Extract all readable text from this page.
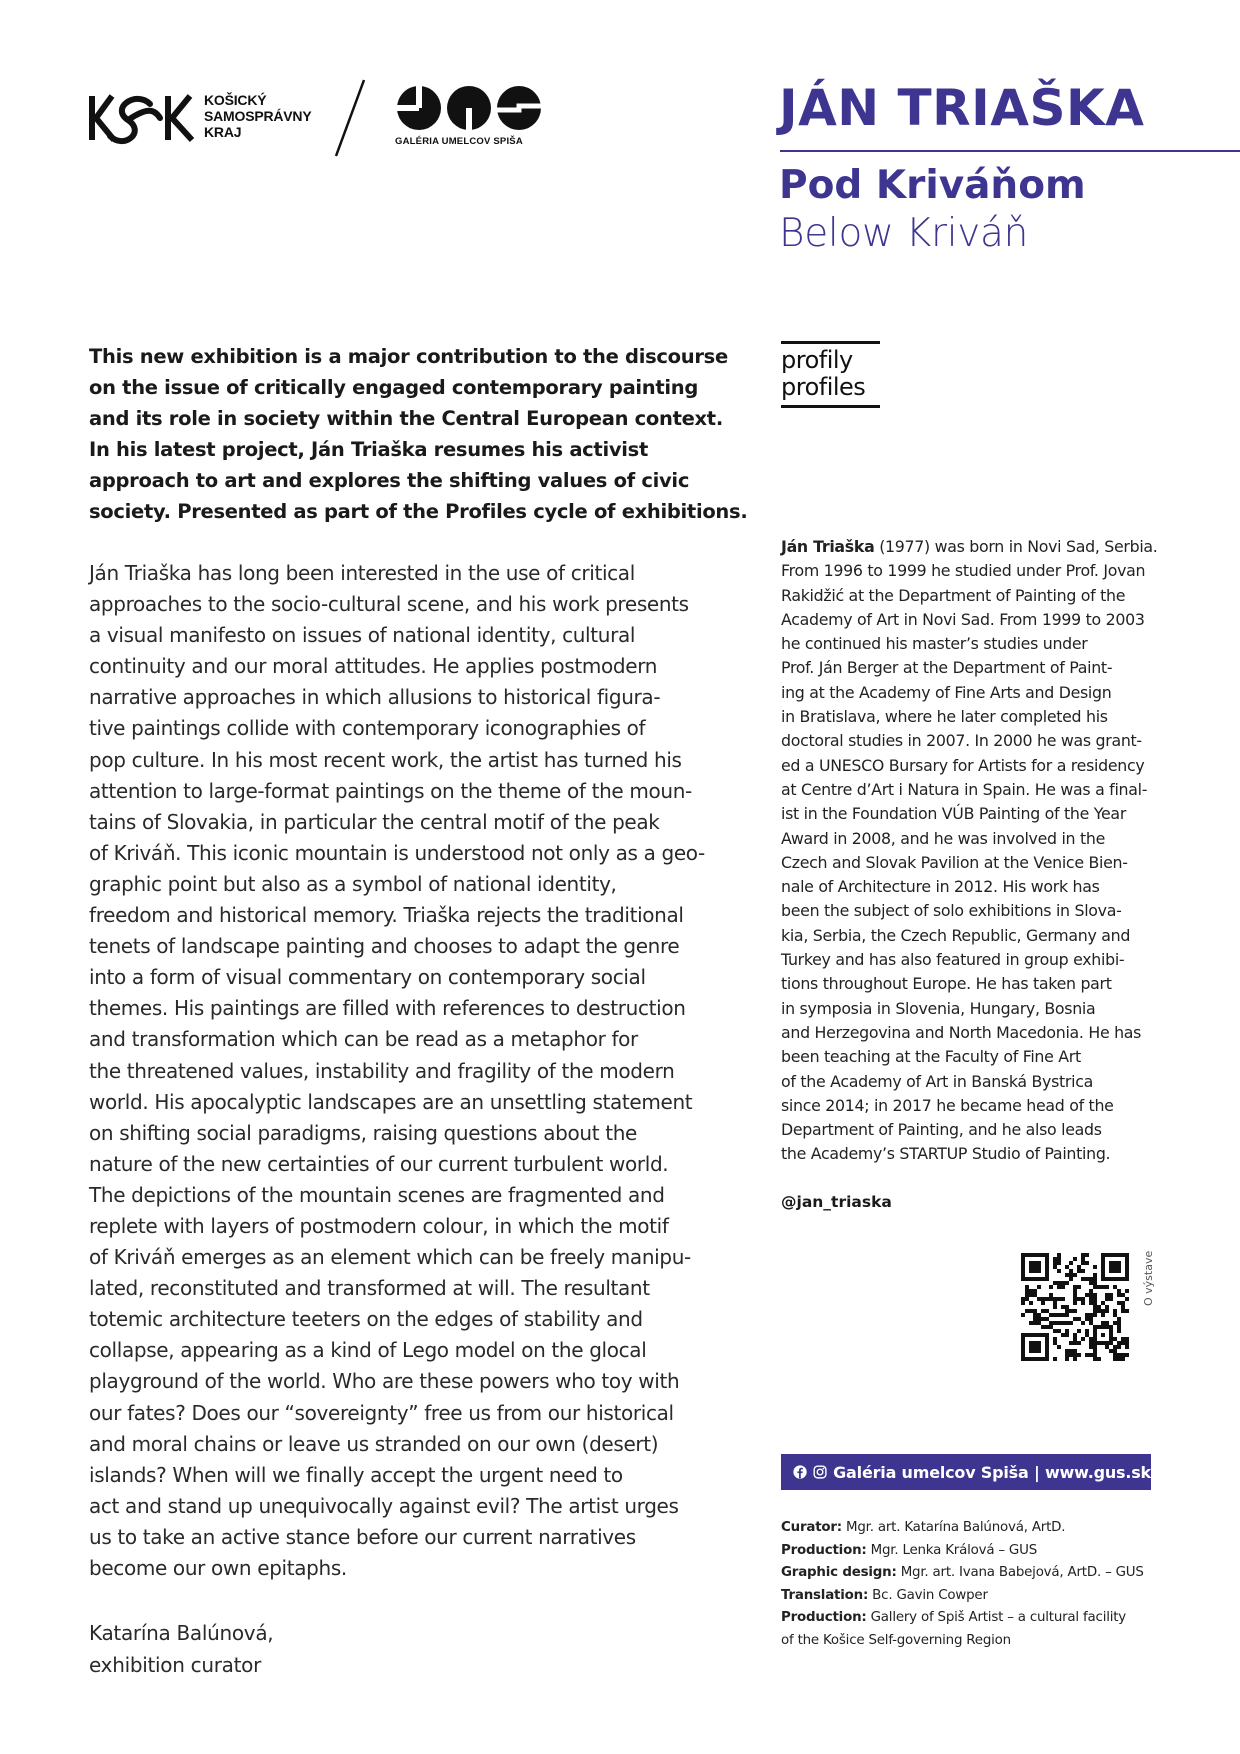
KOŠICKÝ
SAMOSPRÁVNY
KRAJ
GALÉRIA UMELCOV SPIŠA
JÁN TRIAŠKA
Pod Kriváňom
Below Kriváň
profily
profiles
This new exhibition is a major contribution to the discourse
on the issue of critically engaged contemporary painting
and its role in society within the Central European context.
In his latest project, Ján Triaška resumes his activist
approach to art and explores the shifting values of civic
society. Presented as part of the Profiles cycle of exhibitions.
Ján Triaška has long been interested in the use of critical
approaches to the socio-cultural scene, and his work presents
a visual manifesto on issues of national identity, cultural
continuity and our moral attitudes. He applies postmodern
narrative approaches in which allusions to historical figura-
tive paintings collide with contemporary iconographies of
pop culture. In his most recent work, the artist has turned his
attention to large-format paintings on the theme of the moun-
tains of Slovakia, in particular the central motif of the peak
of Kriváň. This iconic mountain is understood not only as a geo-
graphic point but also as a symbol of national identity,
freedom and historical memory. Triaška rejects the traditional
tenets of landscape painting and chooses to adapt the genre
into a form of visual commentary on contemporary social
themes. His paintings are filled with references to destruction
and transformation which can be read as a metaphor for
the threatened values, instability and fragility of the modern
world. His apocalyptic landscapes are an unsettling statement
on shifting social paradigms, raising questions about the
nature of the new certainties of our current turbulent world.
The depictions of the mountain scenes are fragmented and
replete with layers of postmodern colour, in which the motif
of Kriváň emerges as an element which can be freely manipu-
lated, reconstituted and transformed at will. The resultant
totemic architecture teeters on the edges of stability and
collapse, appearing as a kind of Lego model on the glocal
playground of the world. Who are these powers who toy with
our fates? Does our “sovereignty” free us from our historical
and moral chains or leave us stranded on our own (desert)
islands? When will we finally accept the urgent need to
act and stand up unequivocally against evil? The artist urges
us to take an active stance before our current narratives
become our own epitaphs.
Katarína Balúnová,
exhibition curator
Ján Triaška (1977) was born in Novi Sad, Serbia.
From 1996 to 1999 he studied under Prof. Jovan
Rakidžić at the Department of Painting of the
Academy of Art in Novi Sad. From 1999 to 2003
he continued his master’s studies under
Prof. Ján Berger at the Department of Paint-
ing at the Academy of Fine Arts and Design
in Bratislava, where he later completed his
doctoral studies in 2007. In 2000 he was grant-
ed a UNESCO Bursary for Artists for a residency
at Centre d’Art i Natura in Spain. He was a final-
ist in the Foundation VÚB Painting of the Year
Award in 2008, and he was involved in the
Czech and Slovak Pavilion at the Venice Bien-
nale of Architecture in 2012. His work has
been the subject of solo exhibitions in Slova-
kia, Serbia, the Czech Republic, Germany and
Turkey and has also featured in group exhibi-
tions throughout Europe. He has taken part
in symposia in Slovenia, Hungary, Bosnia
and Herzegovina and North Macedonia. He has
been teaching at the Faculty of Fine Art
of the Academy of Art in Banská Bystrica
since 2014; in 2017 he became head of the
Department of Painting, and he also leads
the Academy’s STARTUP Studio of Painting.
@jan_triaska
O výstave
Galéria umelcov Spiša | www.gus.sk
Curator: Mgr. art. Katarína Balúnová, ArtD.
Production: Mgr. Lenka Králová – GUS
Graphic design: Mgr. art. Ivana Babejová, ArtD. – GUS
Translation: Bc. Gavin Cowper
Production: Gallery of Spiš Artist – a cultural facility
of the Košice Self-governing Region
